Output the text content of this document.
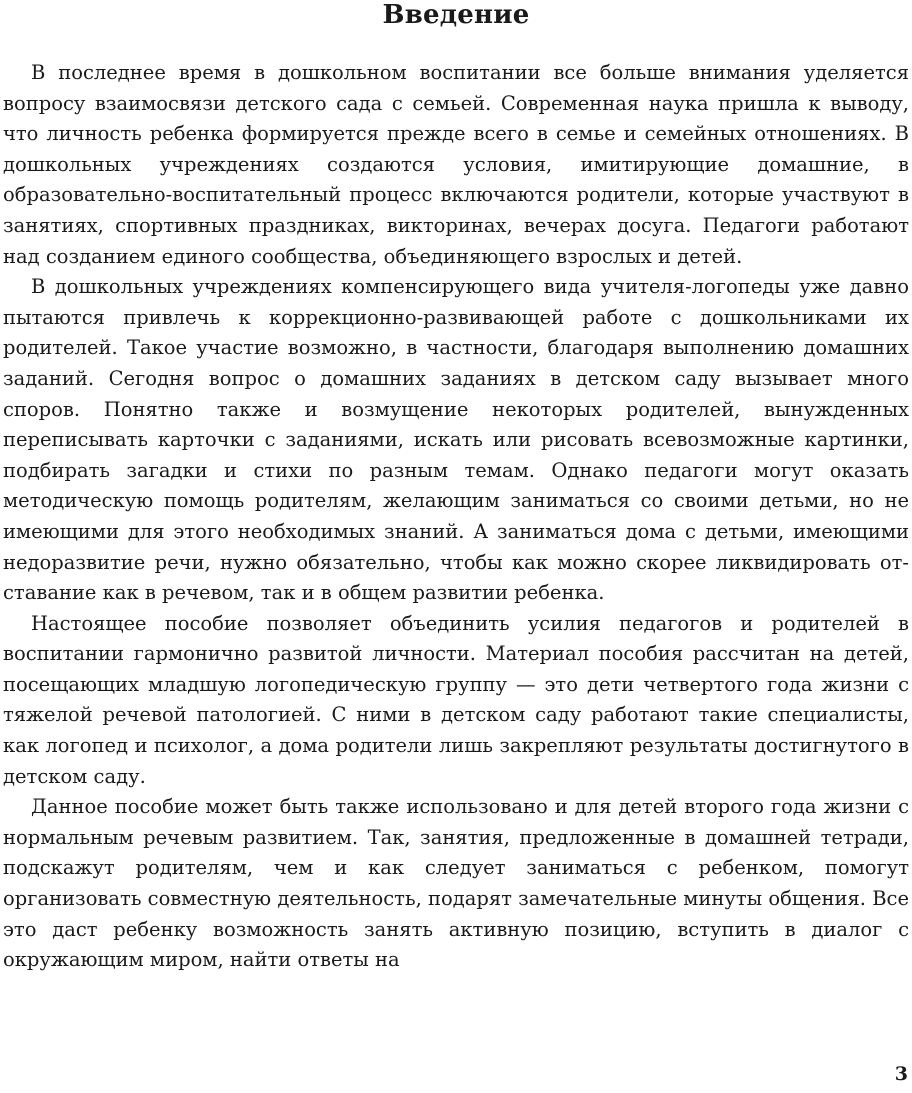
Введение

В последнее время в дошкольном воспитании все больше внимания уделяется вопросу взаимосвязи детского сада с семьей. Современная наука пришла к выводу, что личность ребенка формируется прежде всего в семье и семейных отношениях. В дошкольных учреждениях создаются условия, имитирующие домашние, в образовательно-воспитательный процесс включаются родители, которые участвуют в занятиях, спортивных праздниках, викторинах, вечерах досуга. Педагоги работают над созданием единого сообщества, объединяющего взрослых и детей.

В дошкольных учреждениях компенсирующего вида учителя-логопеды уже давно пытаются привлечь к коррекционно-развивающей работе с дошкольниками их родителей. Такое участие возможно, в частности, благодаря выполнению домашних заданий. Сегодня вопрос о домашних заданиях в детском саду вызывает много споров. Понятно также и возмущение некоторых родителей, вынужденных переписывать карточки с заданиями, искать или рисовать всевозможные картинки, подбирать загадки и стихи по разным темам. Однако педагоги могут оказать методическую помощь родителям, желающим заниматься со своими детьми, но не имеющими для этого необходимых знаний. А заниматься дома с детьми, имеющими недоразвитие речи, нужно обязательно, чтобы как можно скорее ликвидировать отставание как в речевом, так и в общем развитии ребенка.

Настоящее пособие позволяет объединить усилия педагогов и родителей в воспитании гармонично развитой личности. Материал пособия рассчитан на детей, посещающих младшую логопедическую группу — это дети четвертого года жизни с тяжелой речевой патологией. С ними в детском саду работают такие специалисты, как логопед и психолог, а дома родители лишь закрепляют результаты достигнутого в детском саду.

Данное пособие может быть также использовано и для детей второго года жизни с нормальным речевым развитием. Так, занятия, предложенные в домашней тетради, подскажут родителям, чем и как следует заниматься с ребенком, помогут организовать совместную деятельность, подарят замечательные минуты общения. Все это даст ребенку возможность занять активную позицию, вступить в диалог с окружающим миром, найти ответы на

3
